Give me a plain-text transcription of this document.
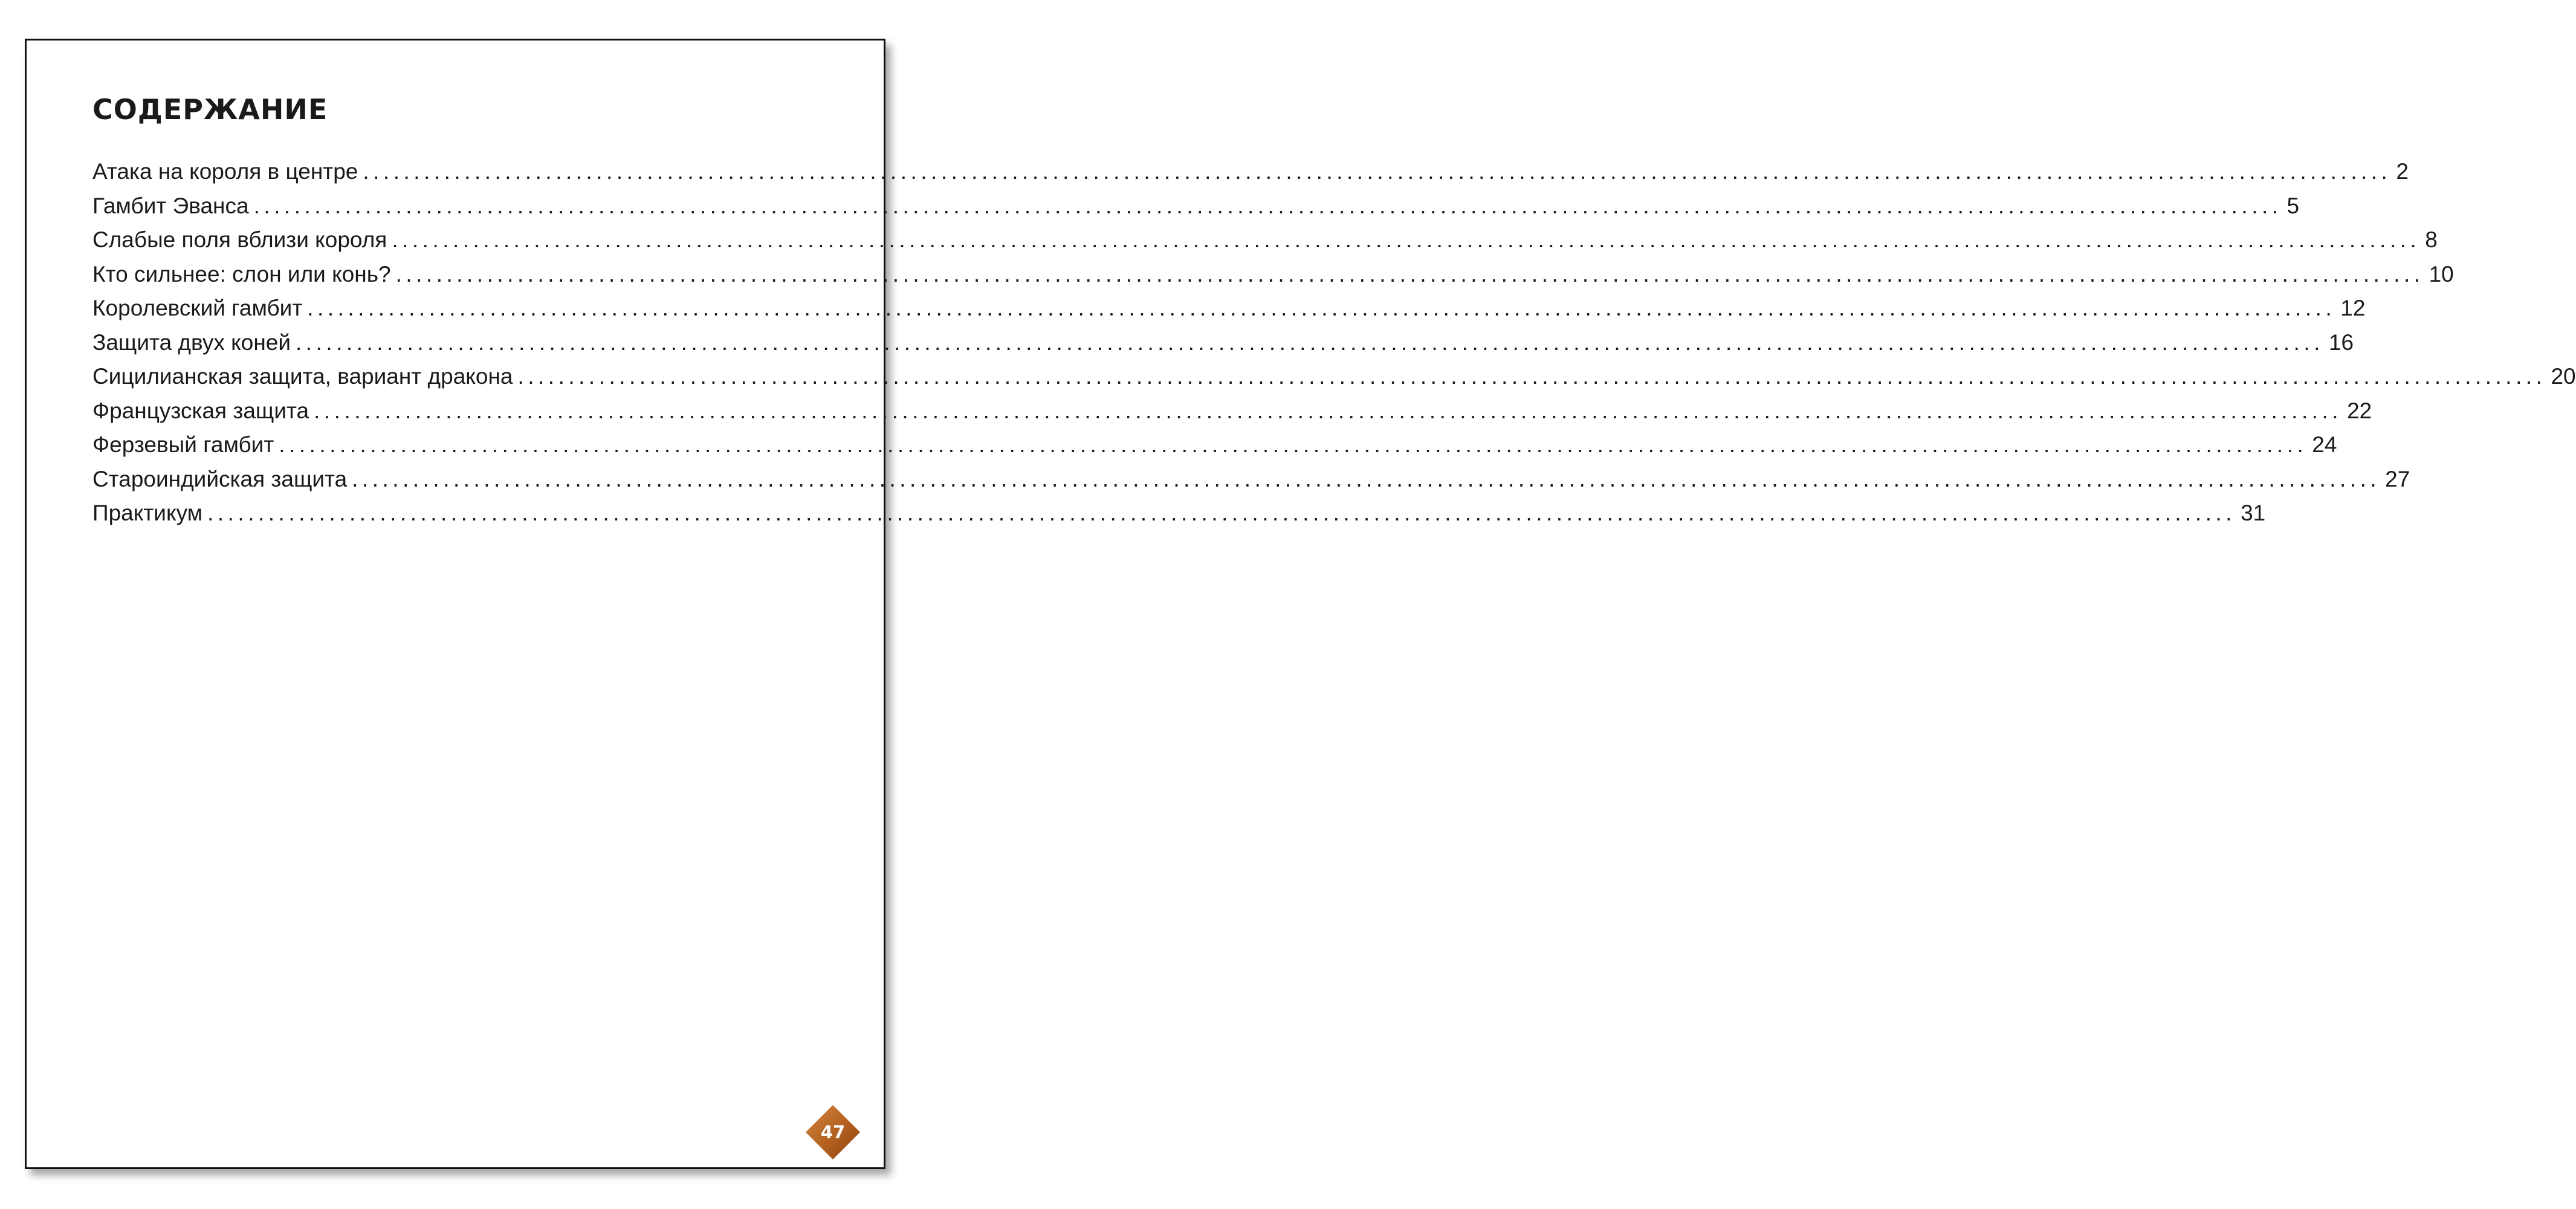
СОДЕРЖАНИЕ
Атака на короля в центре ........................................................................................................................................................................................................ 2
Гамбит Эванса ........................................................................................................................................................................................................ 5
Слабые поля вблизи короля ........................................................................................................................................................................................................ 8
Кто сильнее: слон или конь? ........................................................................................................................................................................................................ 10
Королевский гамбит ........................................................................................................................................................................................................ 12
Защита двух коней ........................................................................................................................................................................................................ 16
Сицилианская защита, вариант дракона ........................................................................................................................................................................................................ 20
Французская защита ........................................................................................................................................................................................................ 22
Ферзевый гамбит ........................................................................................................................................................................................................ 24
Староиндийская защита ........................................................................................................................................................................................................ 27
Практикум ........................................................................................................................................................................................................ 31
47
